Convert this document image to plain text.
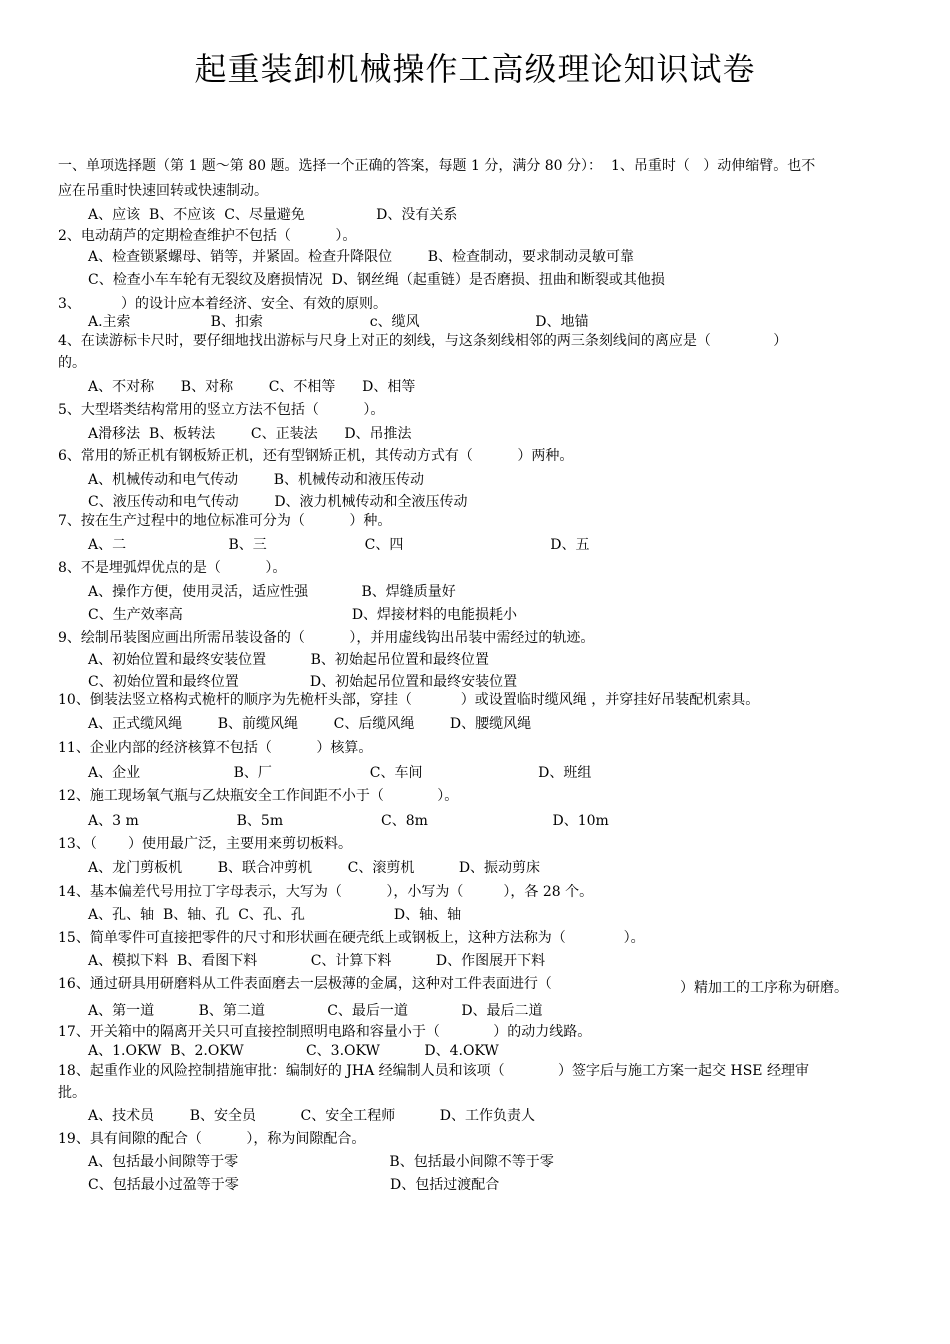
起重装卸机械操作工高级理论知识试卷
一、单项选择题（第 1 题～第 80 题。选择一个正确的答案，每题 1 分，满分 80 分）：  1、吊重时（   ）动伸缩臂。也不
应在吊重时快速回转或快速制动。
A、应该  B、不应该  C、尽量避免                D、没有关系
2、电动葫芦的定期检查维护不包括（          ）。
A、检查锁紧螺母、销等，并紧固。检查升降限位        B、检查制动，要求制动灵敏可靠
C、检查小车车轮有无裂纹及磨损情况  D、钢丝绳（起重链）是否磨损、扭曲和断裂或其他损
3、         ）的设计应本着经济、安全、有效的原则。
A.主索                  B、扣索                        c、缆风                          D、地锚
4、在读游标卡尺时，要仔细地找出游标与尺身上对正的刻线，与这条刻线相邻的两三条刻线间的离应是（              ）
的。
A、不对称      B、对称        C、不相等      D、相等
5、大型塔类结构常用的竖立方法不包括（          ）。
A滑移法  B、板转法        C、正装法      D、吊推法
6、常用的矫正机有钢板矫正机，还有型钢矫正机，其传动方式有（          ）两种。
A、机械传动和电气传动        B、机械传动和液压传动
C、液压传动和电气传动        D、液力机械传动和全液压传动
7、按在生产过程中的地位标准可分为（          ）种。
A、二                       B、三                      C、四                                 D、五
8、不是埋弧焊优点的是（          ）。
A、操作方便，使用灵活，适应性强            B、焊缝质量好
C、生产效率高                                      D、焊接材料的电能损耗小
9、绘制吊装图应画出所需吊装设备的（          ），并用虚线钩出吊装中需经过的轨迹。
A、初始位置和最终安装位置          B、初始起吊位置和最终位置
C、初始位置和最终位置                D、初始起吊位置和最终安装位置
10、倒装法竖立格构式桅杆的顺序为先桅杆头部，穿挂（           ）或设置临时缆风绳 ，并穿挂好吊装配机索具。
A、正式缆风绳        B、前缆风绳        C、后缆风绳        D、腰缆风绳
11、企业内部的经济核算不包括（          ）核算。
A、企业                     B、厂                      C、车间                          D、班组
12、施工现场氧气瓶与乙炔瓶安全工作间距不小于（            ）。
A、3 m                      B、5m                      C、8m                            D、10m
13、（       ）使用最广泛，主要用来剪切板料。
A、龙门剪板机        B、联合冲剪机        C、滚剪机          D、振动剪床
14、基本偏差代号用拉丁字母表示，大写为（          ），小写为（         ），各 28 个。
A、孔、轴  B、轴、孔  C、孔、孔                    D、轴、轴
15、简单零件可直接把零件的尺寸和形状画在硬壳纸上或钢板上，这种方法称为（             ）。
A、模拟下料  B、看图下料            C、计算下料          D、作图展开下料
16、通过研具用研磨料从工件表面磨去一层极薄的金属，这种对工件表面进行（	）精加工的工序称为研磨。
A、第一道          B、第二道              C、最后一道            D、最后二道
17、开关箱中的隔离开关只可直接控制照明电路和容量小于（            ）的动力线路。
A、1.OKW  B、2.OKW              C、3.OKW          D、4.OKW
18、起重作业的风险控制措施审批：编制好的 JHA 经编制人员和该项（            ）签字后与施工方案一起交 HSE 经理审
批。
A、技术员        B、安全员          C、安全工程师          D、工作负责人
19、具有间隙的配合（          ），称为间隙配合。
A、包括最小间隙等于零                                  B、包括最小间隙不等于零
C、包括最小过盈等于零                                  D、包括过渡配合
